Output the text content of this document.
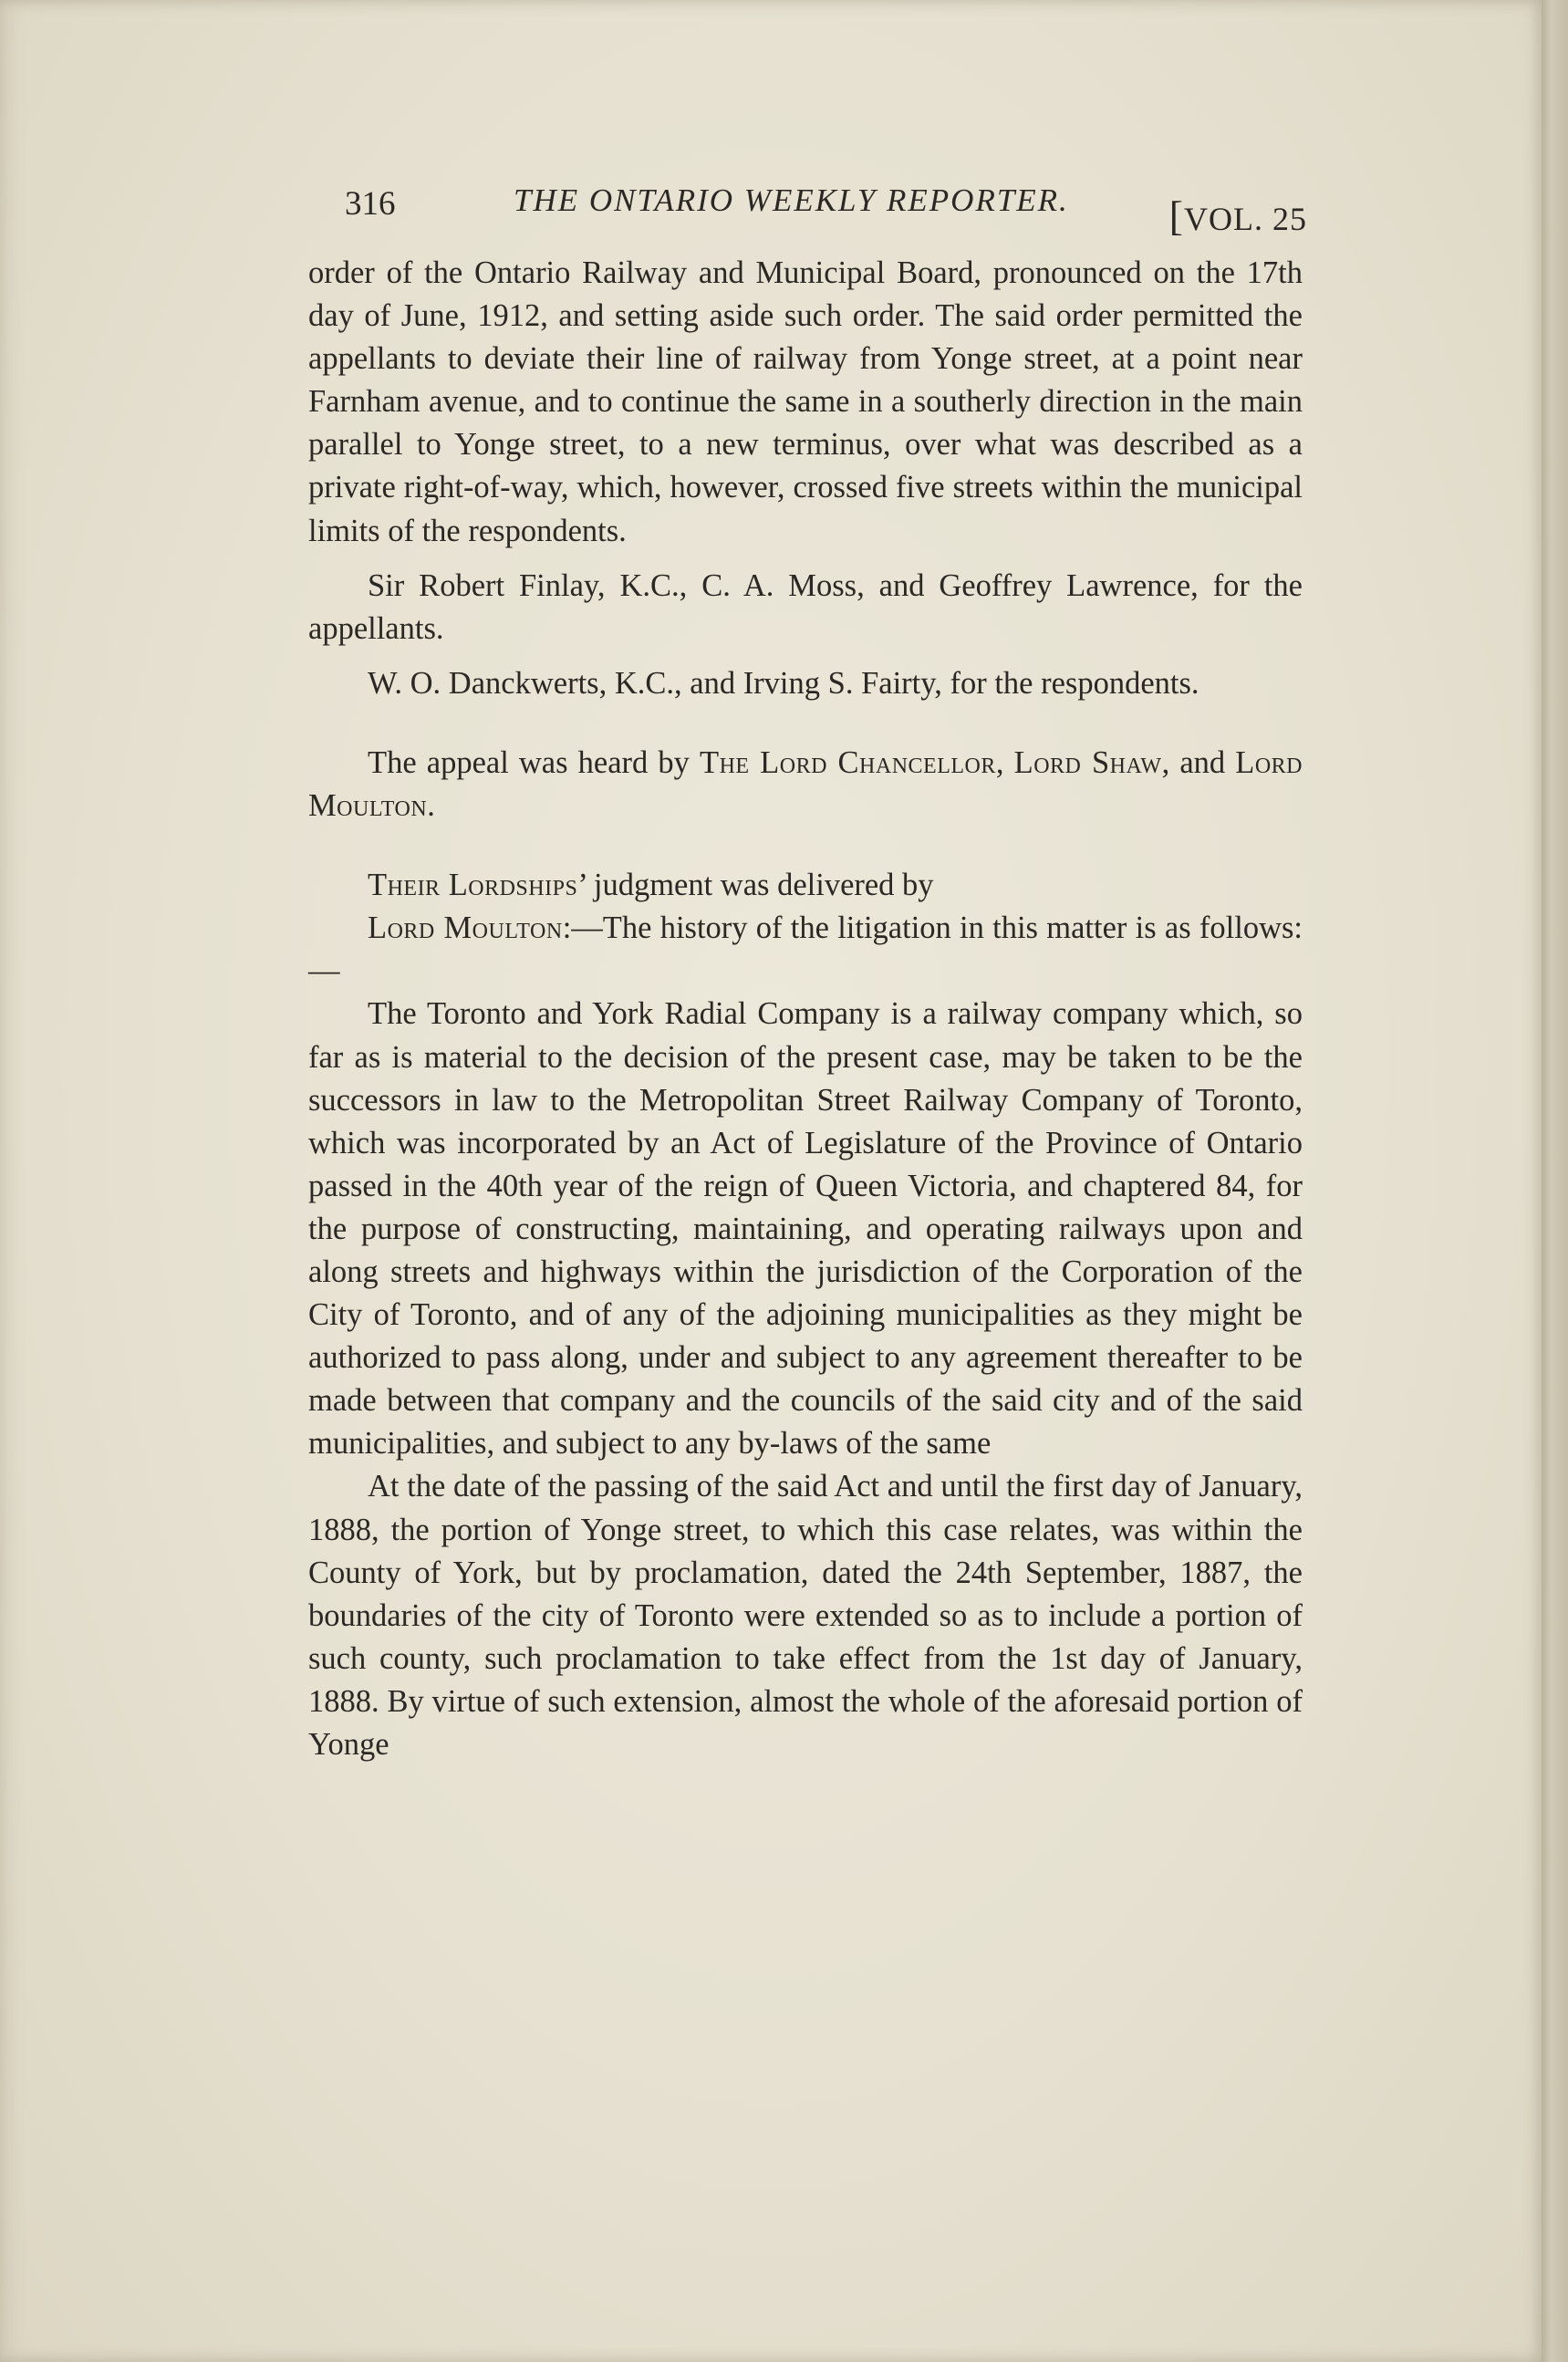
316	THE ONTARIO WEEKLY REPORTER. [VOL. 25

order of the Ontario Railway and Municipal Board, pronounced on the 17th day of June, 1912, and setting aside such order. The said order permitted the appellants to deviate their line of railway from Yonge street, at a point near Farnham avenue, and to continue the same in a southerly direction in the main parallel to Yonge street, to a new terminus, over what was described as a private right-of-way, which, however, crossed five streets within the municipal limits of the respondents.

Sir Robert Finlay, K.C., C. A. Moss, and Geoffrey Lawrence, for the appellants.

W. O. Danckwerts, K.C., and Irving S. Fairty, for the respondents.

The appeal was heard by The Lord Chancellor, Lord Shaw, and Lord Moulton.

Their Lordships’ judgment was delivered by

Lord Moulton:—The history of the litigation in this matter is as follows:—

The Toronto and York Radial Company is a railway company which, so far as is material to the decision of the present case, may be taken to be the successors in law to the Metropolitan Street Railway Company of Toronto, which was incorporated by an Act of Legislature of the Province of Ontario passed in the 40th year of the reign of Queen Victoria, and chaptered 84, for the purpose of constructing, maintaining, and operating railways upon and along streets and highways within the jurisdiction of the Corporation of the City of Toronto, and of any of the adjoining municipalities as they might be authorized to pass along, under and subject to any agreement thereafter to be made between that company and the councils of the said city and of the said municipalities, and subject to any by-laws of the same

At the date of the passing of the said Act and until the first day of January, 1888, the portion of Yonge street, to which this case relates, was within the County of York, but by proclamation, dated the 24th September, 1887, the boundaries of the city of Toronto were extended so as to include a portion of such county, such proclamation to take effect from the 1st day of January, 1888. By virtue of such extension, almost the whole of the aforesaid portion of Yonge
